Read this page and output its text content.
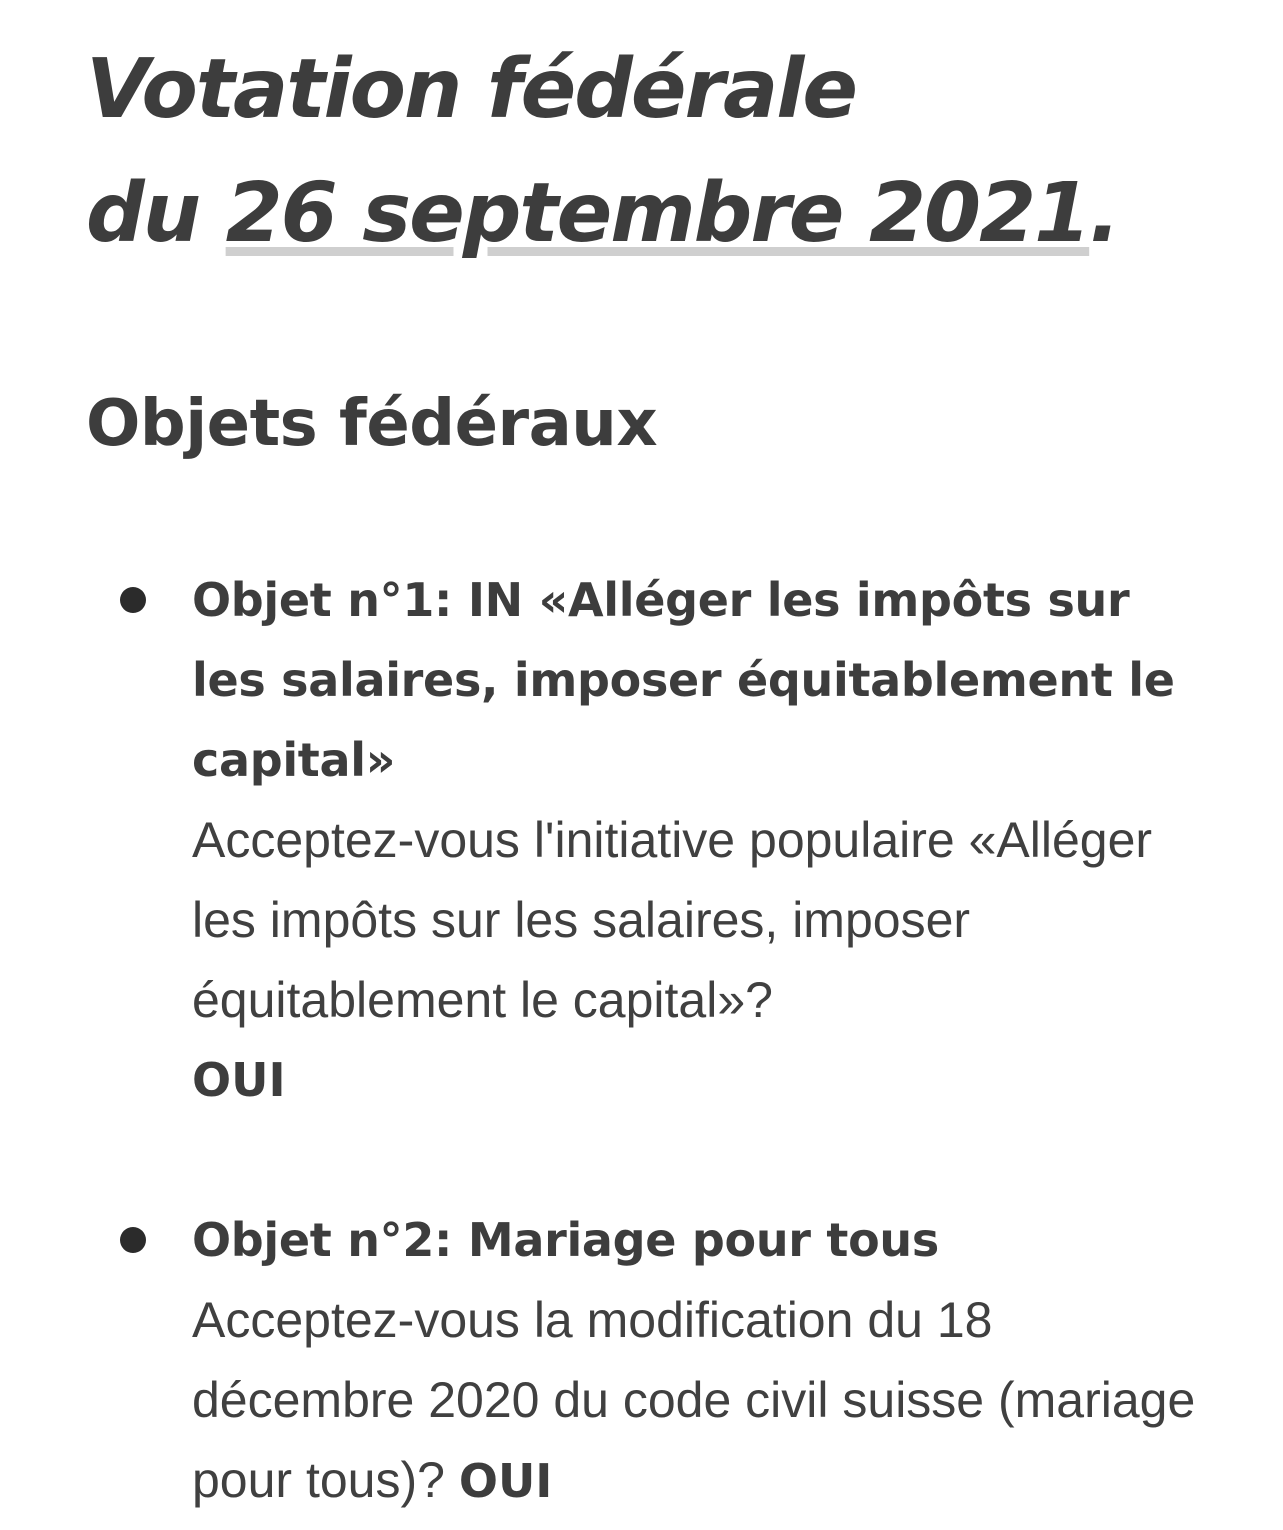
Votation fédérale
du 26 septembre 2021.
Objets fédéraux
Objet n°1: IN «Alléger les impôts sur les salaires, imposer équitablement le capital»
Acceptez-vous l'initiative populaire «Alléger les impôts sur les salaires, imposer équitablement le capital»?
OUI
Objet n°2: Mariage pour tous
Acceptez-vous la modification du 18 décembre 2020 du code civil suisse (mariage pour tous)? OUI
